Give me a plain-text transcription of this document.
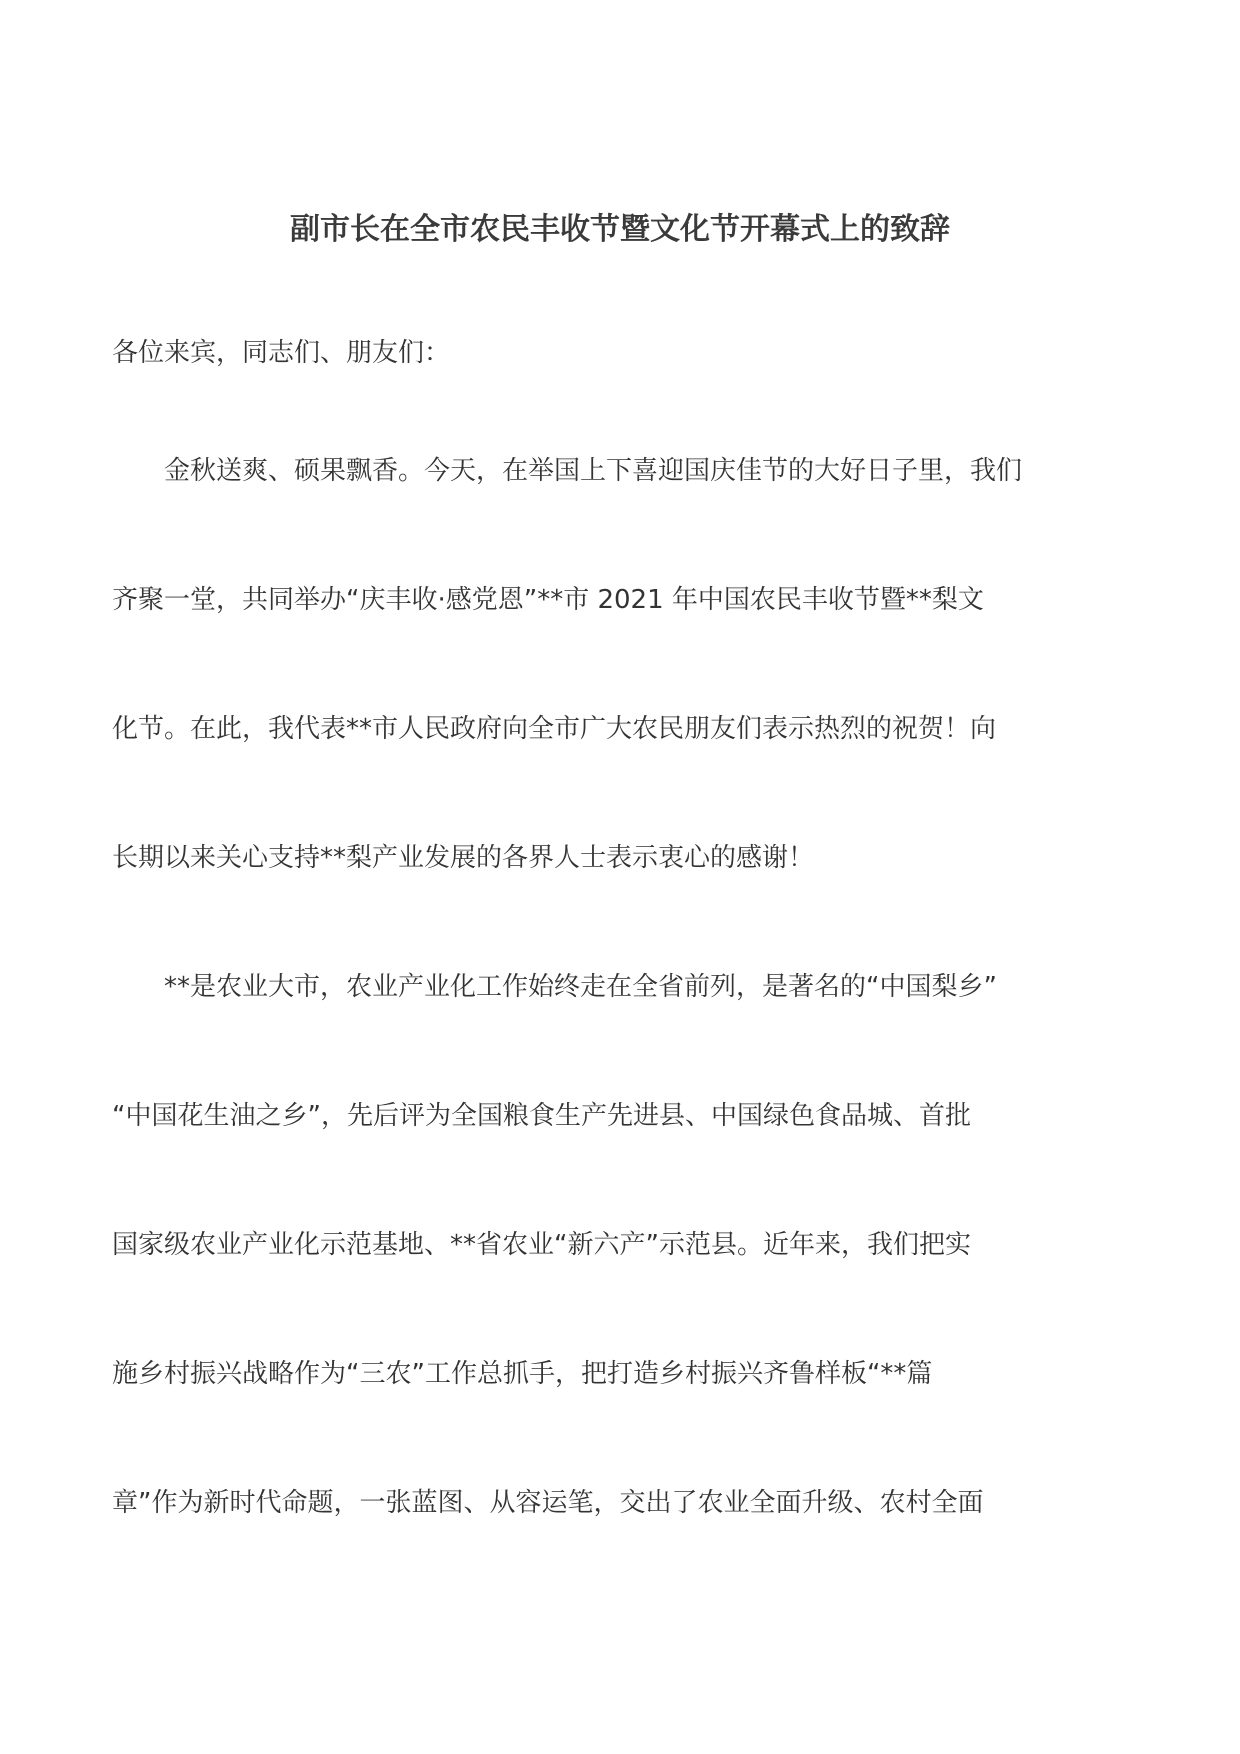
副市长在全市农民丰收节暨文化节开幕式上的致辞
各位来宾，同志们、朋友们：
　　金秋送爽、硕果飘香。今天，在举国上下喜迎国庆佳节的大好日子里，我们
齐聚一堂，共同举办“庆丰收·感党恩”**市 2021 年中国农民丰收节暨**梨文
化节。在此，我代表**市人民政府向全市广大农民朋友们表示热烈的祝贺！向
长期以来关心支持**梨产业发展的各界人士表示衷心的感谢！
　　**是农业大市，农业产业化工作始终走在全省前列，是著名的“中国梨乡”
“中国花生油之乡”，先后评为全国粮食生产先进县、中国绿色食品城、首批
国家级农业产业化示范基地、**省农业“新六产”示范县。近年来，我们把实
施乡村振兴战略作为“三农”工作总抓手，把打造乡村振兴齐鲁样板“**篇
章”作为新时代命题，一张蓝图、从容运笔，交出了农业全面升级、农村全面
